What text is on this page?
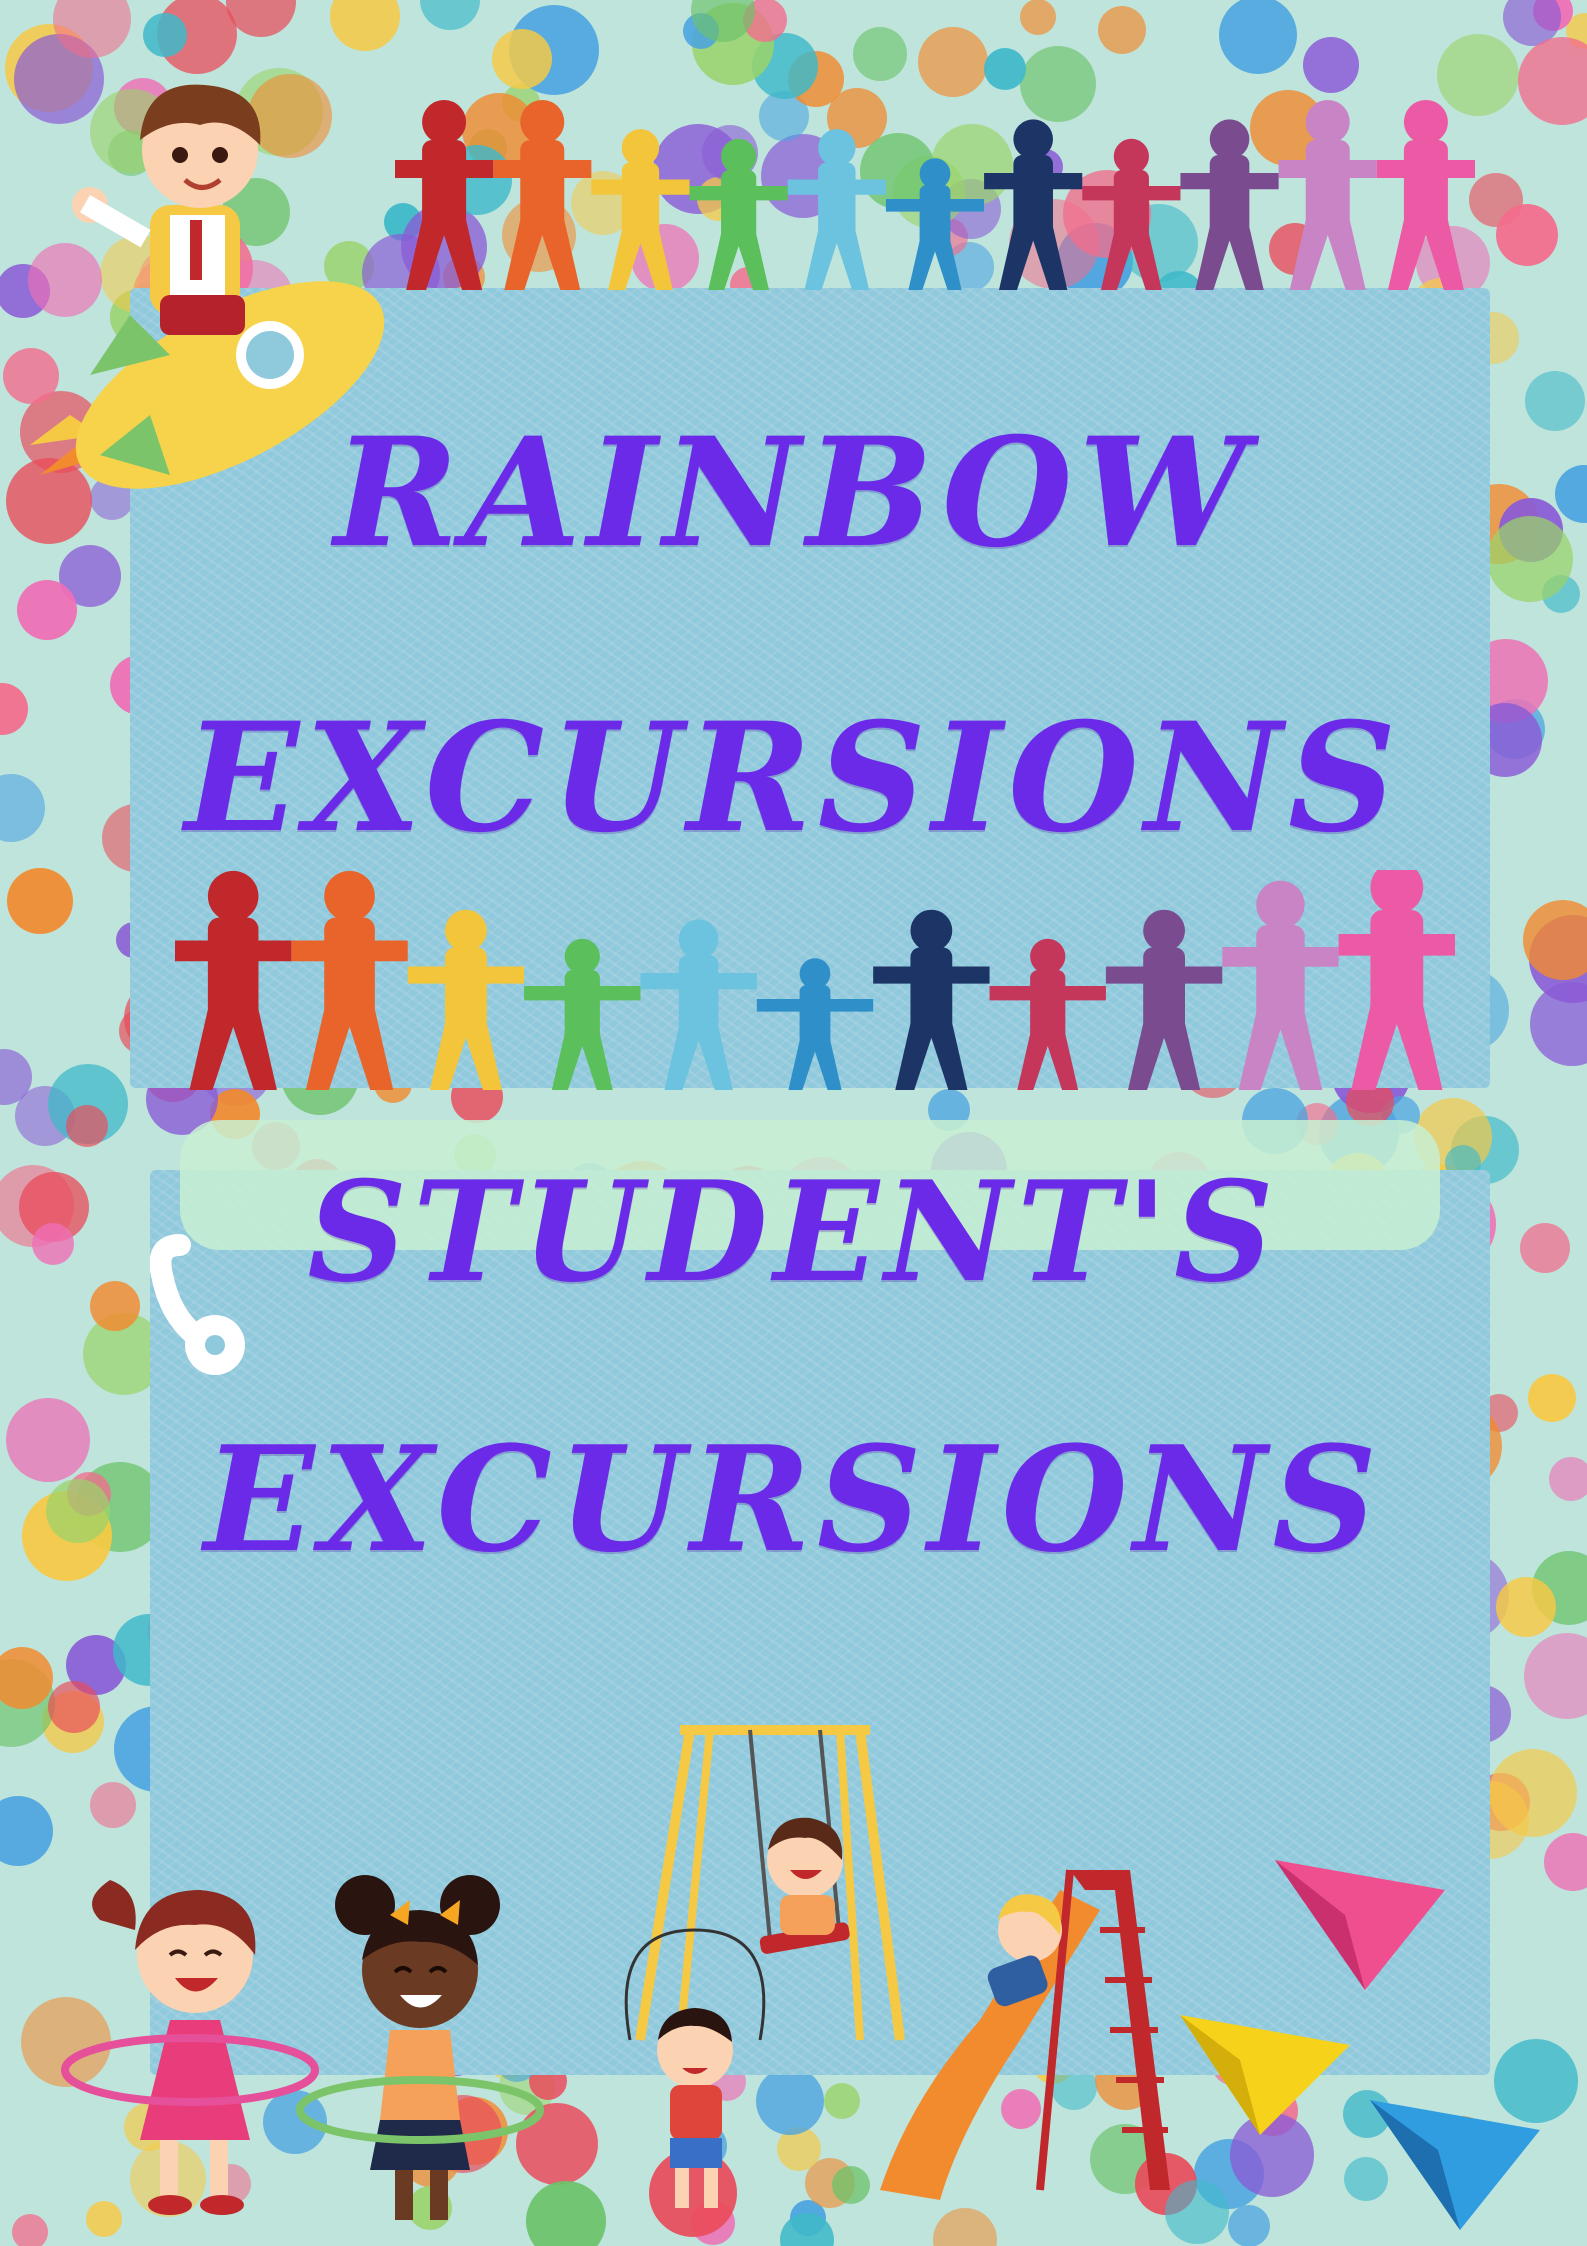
RAINBOW
EXCURSIONS
STUDENT'S
EXCURSIONS
